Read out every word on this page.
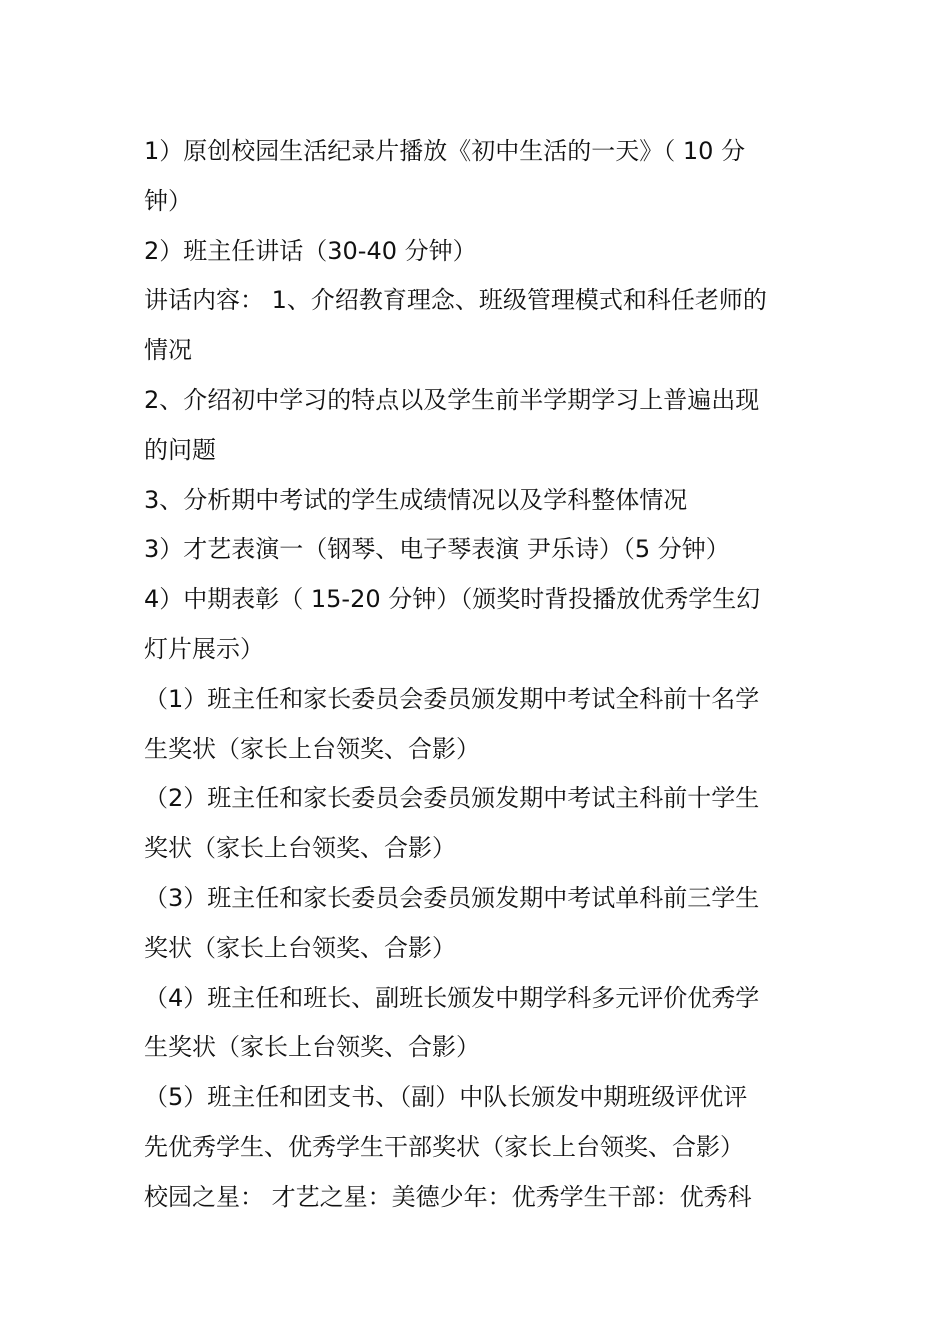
1）原创校园生活纪录片播放《初中生活的一天》（ 10 分
钟）
2）班主任讲话（30-40 分钟）
讲话内容： 1、介绍教育理念、班级管理模式和科任老师的
情况
2、介绍初中学习的特点以及学生前半学期学习上普遍出现
的问题
3、分析期中考试的学生成绩情况以及学科整体情况
3）才艺表演一（钢琴、电子琴表演 尹乐诗）（5 分钟）
4）中期表彰（ 15-20 分钟）（颁奖时背投播放优秀学生幻
灯片展示）
（1）班主任和家长委员会委员颁发期中考试全科前十名学
生奖状（家长上台领奖、合影）
（2）班主任和家长委员会委员颁发期中考试主科前十学生
奖状（家长上台领奖、合影）
（3）班主任和家长委员会委员颁发期中考试单科前三学生
奖状（家长上台领奖、合影）
（4）班主任和班长、副班长颁发中期学科多元评价优秀学
生奖状（家长上台领奖、合影）
（5）班主任和团支书、（副）中队长颁发中期班级评优评
先优秀学生、优秀学生干部奖状（家长上台领奖、合影）
校园之星： 才艺之星：美德少年：优秀学生干部：优秀科
